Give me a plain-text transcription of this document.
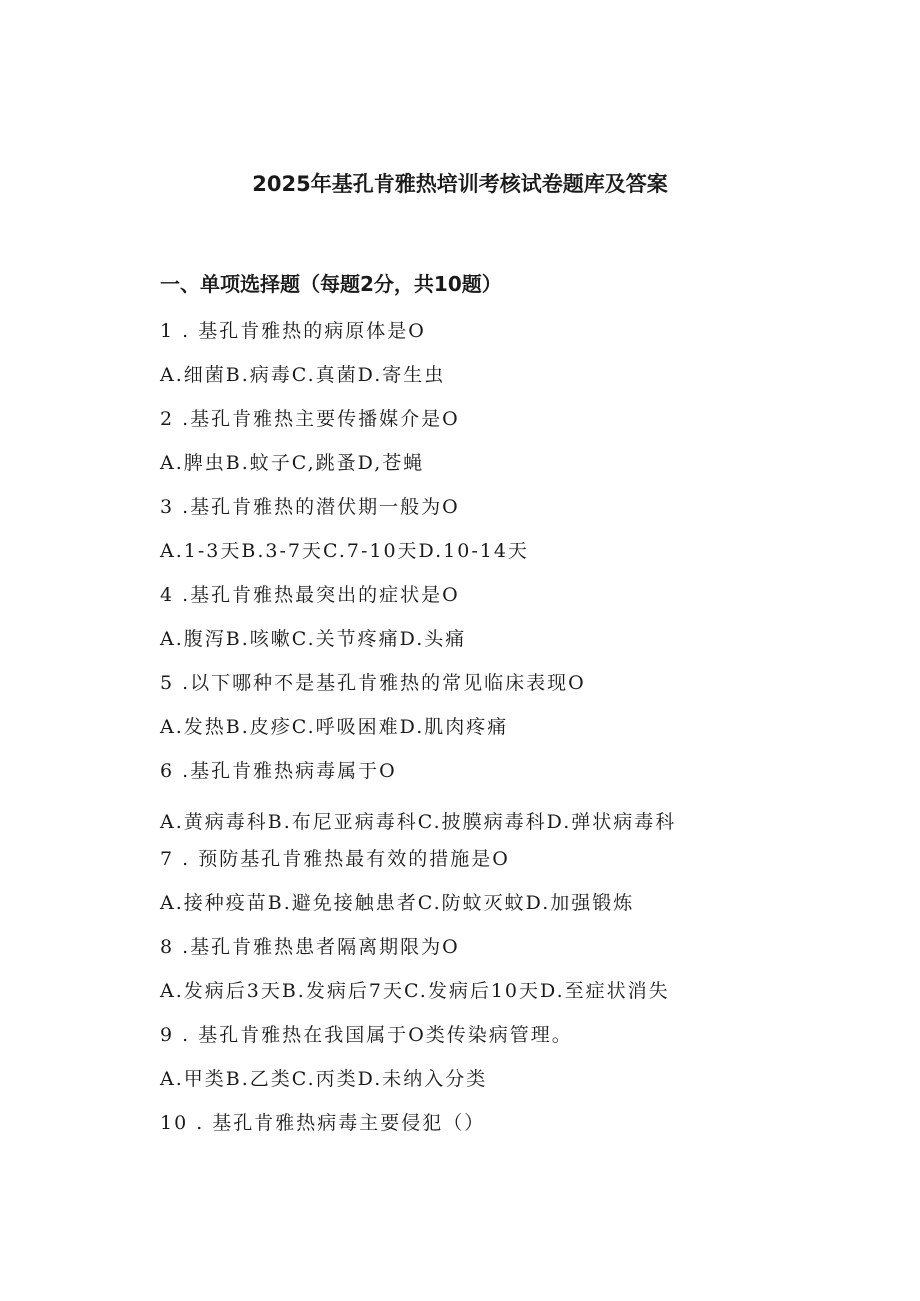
2025年基孔肯雅热培训考核试卷题库及答案
一、单项选择题（每题2分，共10题）
1 . 基孔肯雅热的病原体是O
A.细菌B.病毒C.真菌D.寄生虫
2 .基孔肯雅热主要传播媒介是O
A.脾虫B.蚊子C,跳蚤D,苍蝇
3 .基孔肯雅热的潜伏期一般为O
A.1-3天B.3-7天C.7-10天D.10-14天
4 .基孔肯雅热最突出的症状是O
A.腹泻B.咳嗽C.关节疼痛D.头痛
5 .以下哪种不是基孔肯雅热的常见临床表现O
A.发热B.皮疹C.呼吸困难D.肌肉疼痛
6 .基孔肯雅热病毒属于O
A.黄病毒科B.布尼亚病毒科C.披膜病毒科D.弹状病毒科
7 . 预防基孔肯雅热最有效的措施是O
A.接种疫苗B.避免接触患者C.防蚊灭蚊D.加强锻炼
8 .基孔肯雅热患者隔离期限为O
A.发病后3天B.发病后7天C.发病后10天D.至症状消失
9 . 基孔肯雅热在我国属于O类传染病管理。
A.甲类B.乙类C.丙类D.未纳入分类
10 . 基孔肯雅热病毒主要侵犯（）
